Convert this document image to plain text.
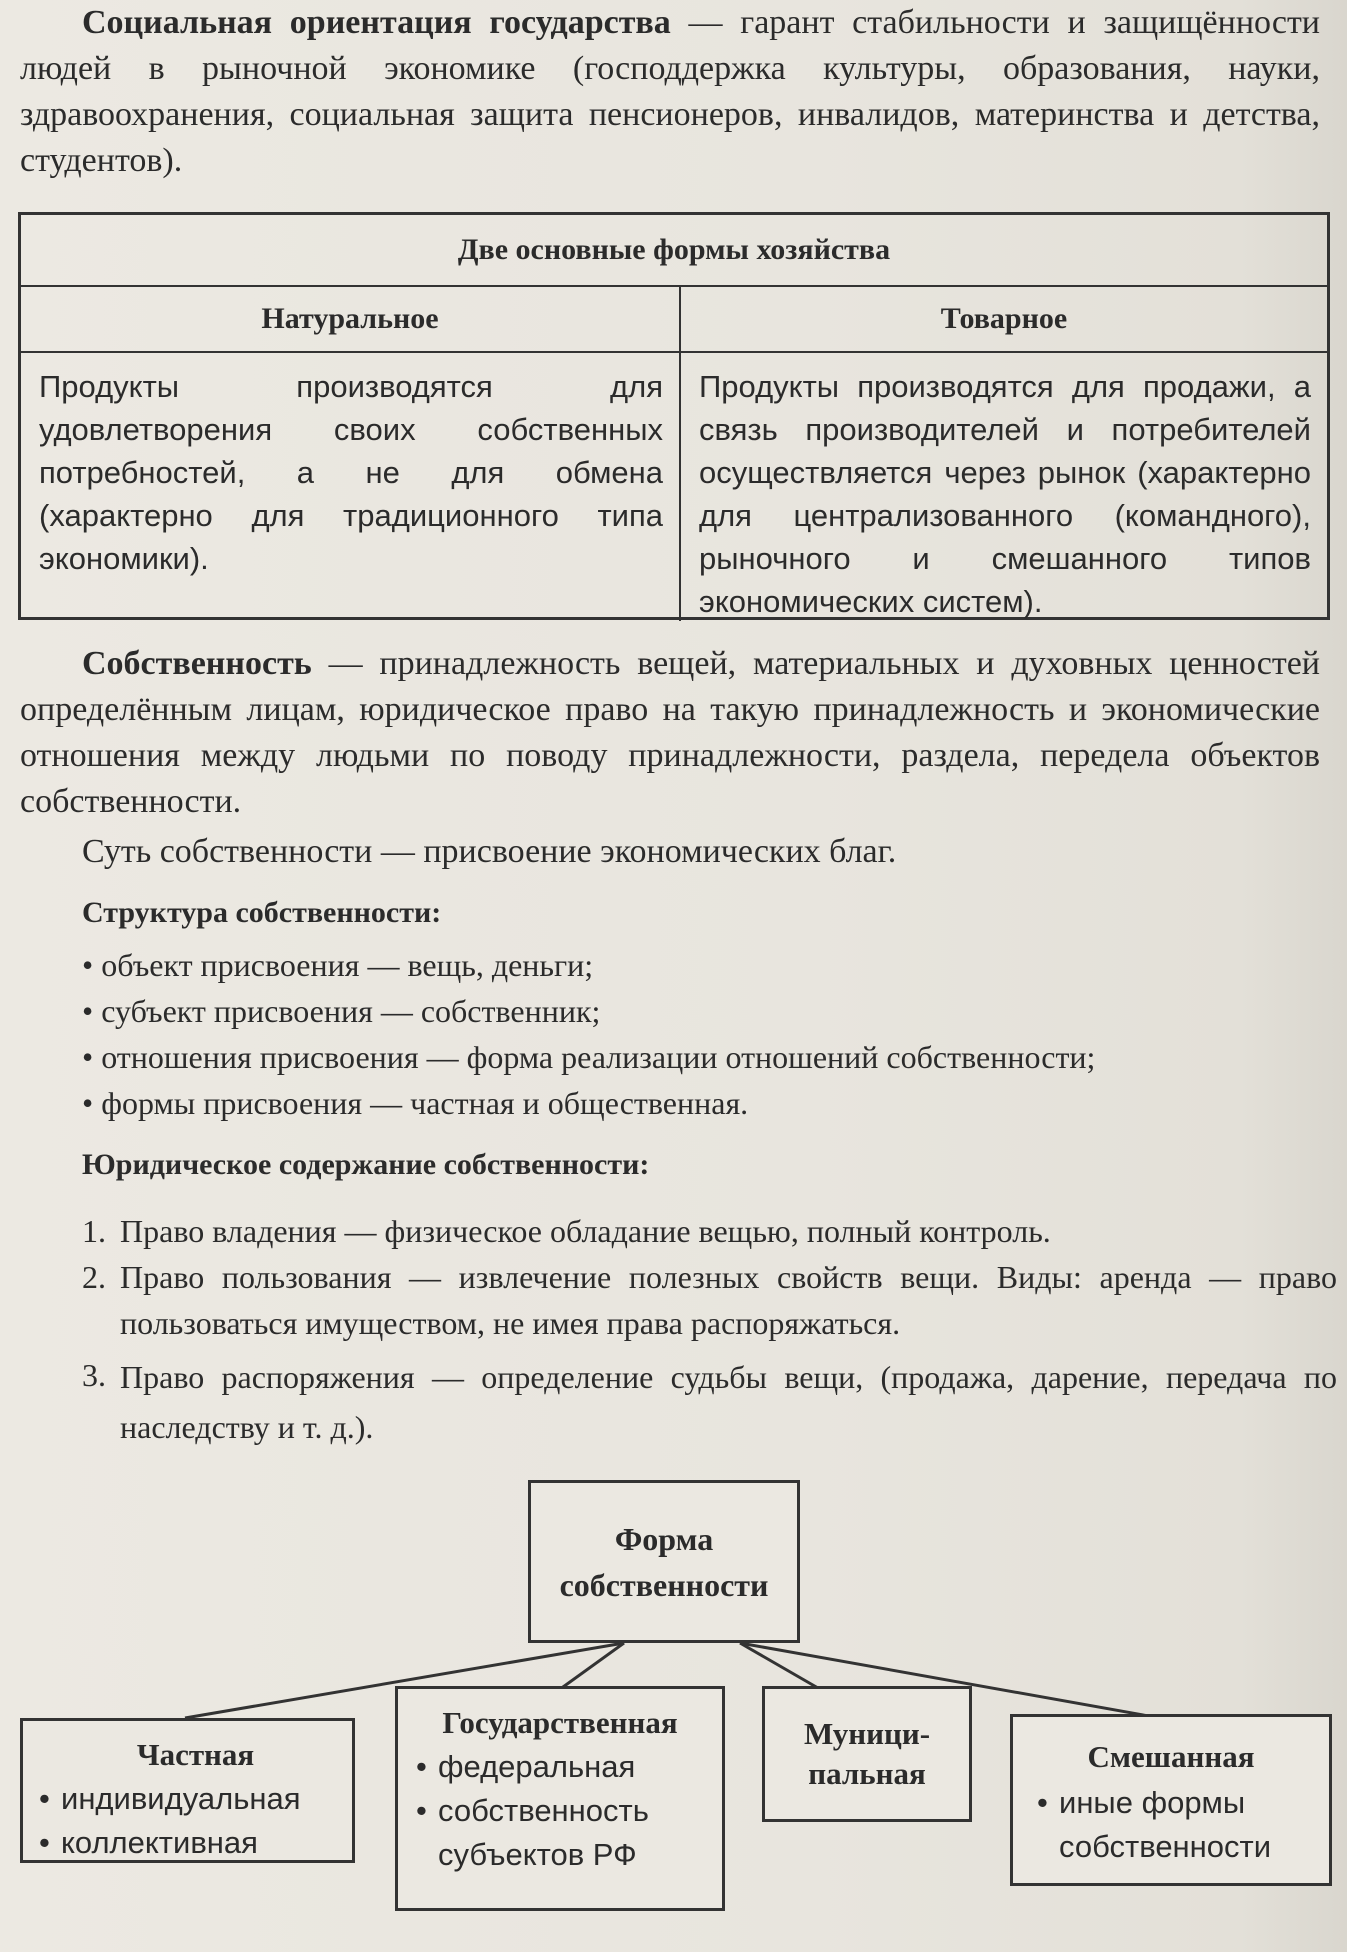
Социальная ориентация государства — гарант стабильности и защищённости людей в рыночной экономике (господдержка культуры, образования, науки, здравоохранения, социальная защита пенсионеров, инвалидов, материнства и детства, студентов).

Две основные формы хозяйства
Натуральное	Товарное
Продукты производятся для удовлетворения своих собственных потребностей, а не для обмена (характерно для традиционного типа экономики).
Продукты производятся для продажи, а связь производителей и потребителей осуществляется через рынок (характерно для централизованного (командного), рыночного и смешанного типов экономических систем).

Собственность — принадлежность вещей, материальных и духовных ценностей определённым лицам, юридическое право на такую принадлежность и экономические отношения между людьми по поводу принадлежности, раздела, передела объектов собственности.

Суть собственности — присвоение экономических благ.
Структура собственности:
• объект присвоения — вещь, деньги;
• субъект присвоения — собственник;
• отношения присвоения — форма реализации отношений собственности;
• формы присвоения — частная и общественная.
Юридическое содержание собственности:
1. Право владения — физическое обладание вещью, полный контроль.
2. Право пользования — извлечение полезных свойств вещи. Виды: аренда — право пользоваться имуществом, не имея права распоряжаться.
3. Право распоряжения — определение судьбы вещи, (продажа, дарение, передача по наследству и т. д.).
Форма
собственности
Частная
• индивидуальная
• коллективная
Государственная
• федеральная
• собственность
субъектов РФ
Муници-
пальная	Смешанная
• иные формы
собственности
